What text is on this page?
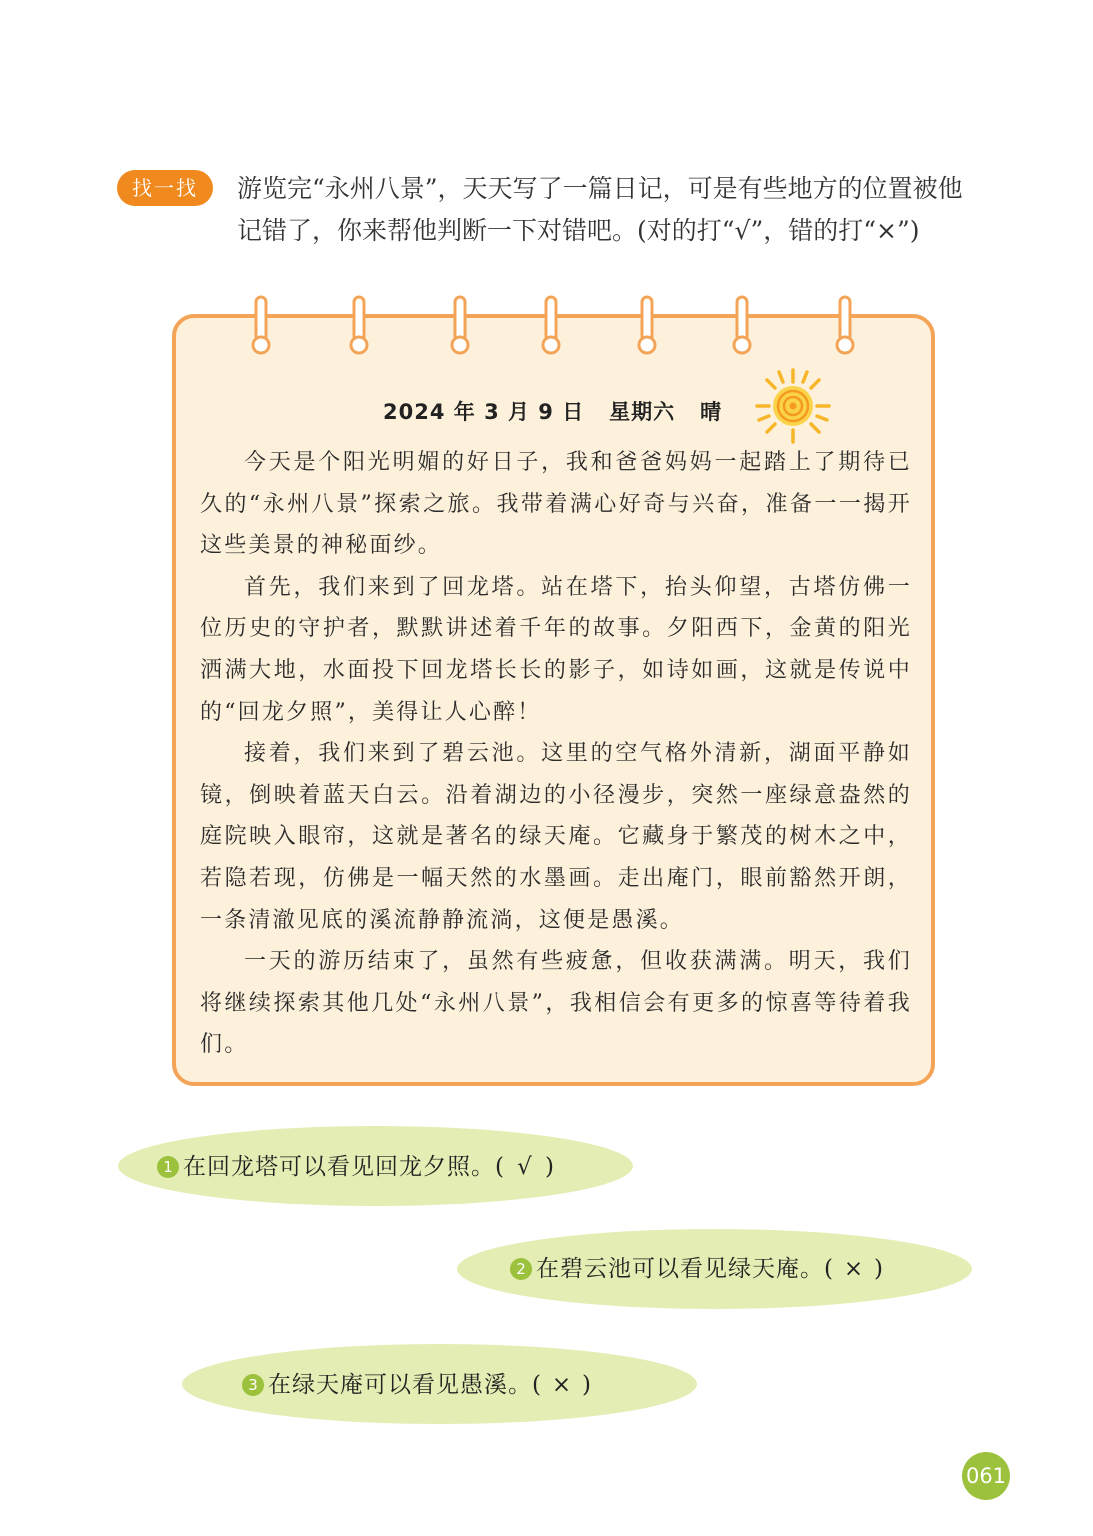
找一找	游览完“永州八景”，天天写了一篇日记，可是有些地方的位置被他
记错了，你来帮他判断一下对错吧。(对的打“√”，错的打“×”)
2024 年 3 月 9 日   星期六   晴

今天是个阳光明媚的好日子，我和爸爸妈妈一起踏上了期待已久的“永州八景”探索之旅。我带着满心好奇与兴奋，准备一一揭开这些美景的神秘面纱。

首先，我们来到了回龙塔。站在塔下，抬头仰望，古塔仿佛一位历史的守护者，默默讲述着千年的故事。夕阳西下，金黄的阳光洒满大地，水面投下回龙塔长长的影子，如诗如画，这就是传说中的“回龙夕照”，美得让人心醉！

接着，我们来到了碧云池。这里的空气格外清新，湖面平静如镜，倒映着蓝天白云。沿着湖边的小径漫步，突然一座绿意盎然的庭院映入眼帘，这就是著名的绿天庵。它藏身于繁茂的树木之中，若隐若现，仿佛是一幅天然的水墨画。走出庵门，眼前豁然开朗，一条清澈见底的溪流静静流淌，这便是愚溪。

一天的游历结束了，虽然有些疲惫，但收获满满。明天，我们将继续探索其他几处“永州八景”，我相信会有更多的惊喜等待着我们。

1 在回龙塔可以看见回龙夕照。( √ )
2 在碧云池可以看见绿天庵。( × )
3 在绿天庵可以看见愚溪。( × )
061
